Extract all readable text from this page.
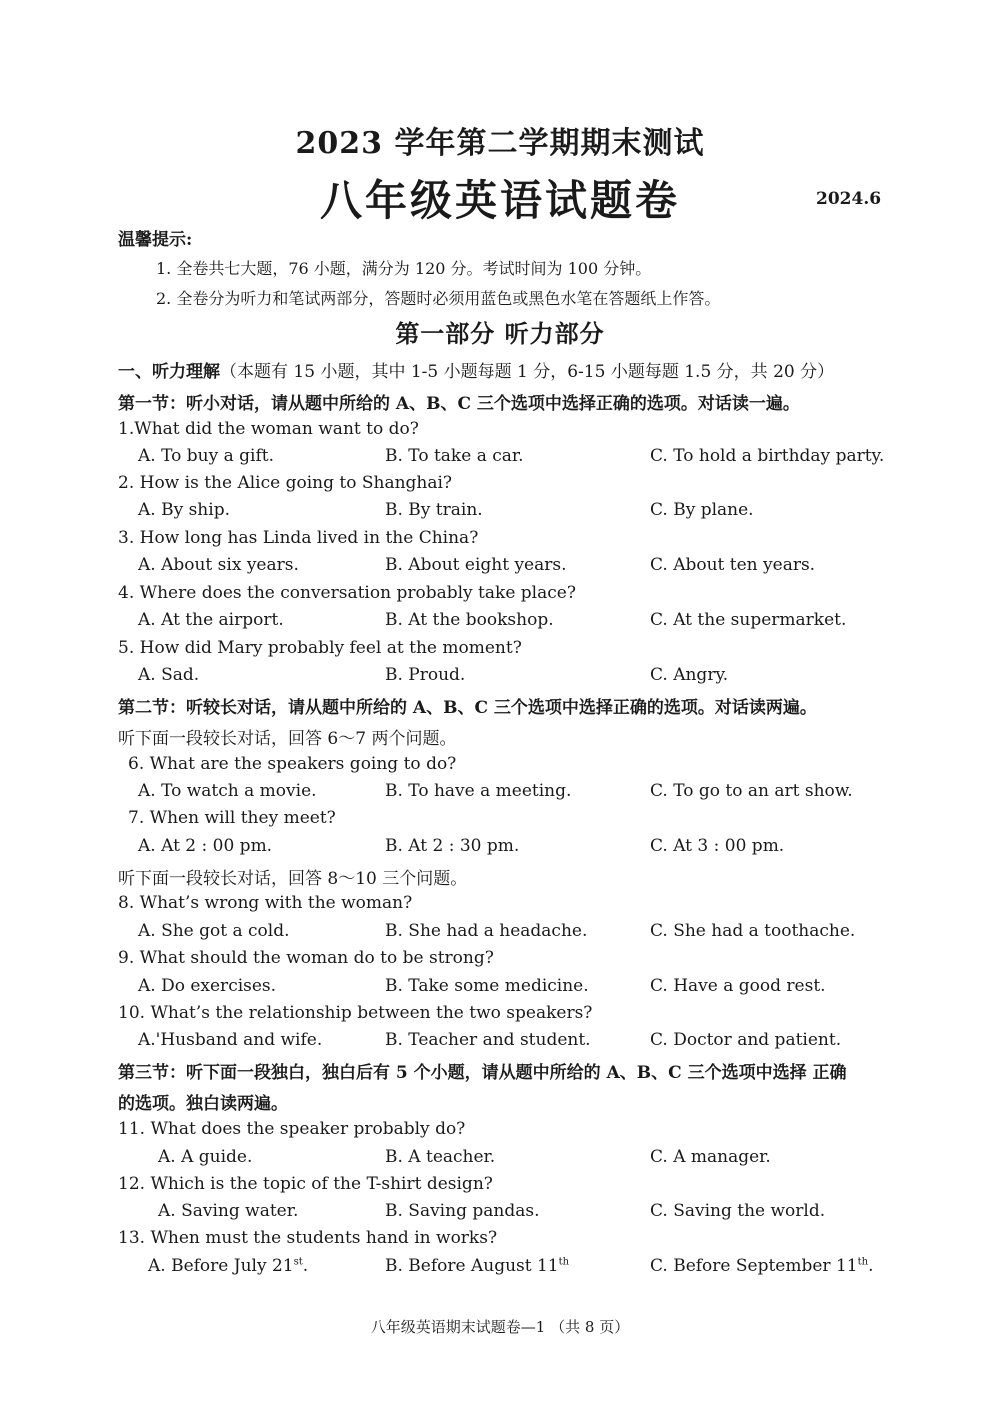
2023 学年第二学期期末测试
八年级英语试题卷	2024.6
温馨提示:
1. 全卷共七大题，76 小题，满分为 120 分。考试时间为 100 分钟。
2. 全卷分为听力和笔试两部分，答题时必须用蓝色或黑色水笔在答题纸上作答。
第一部分 听力部分
一、听力理解（本题有 15 小题，其中 1-5 小题每题 1 分，6-15 小题每题 1.5 分，共 20 分）
第一节：听小对话，请从题中所给的 A、B、C 三个选项中选择正确的选项。对话读一遍。
1.What did the woman want to do?
A. To buy a gift.	B. To take a car.	C. To hold a birthday party.
2. How is the Alice going to Shanghai?
A. By ship.	B. By train.	C. By plane.
3. How long has Linda lived in the China?
A. About six years.	B. About eight years.	C. About ten years.
4. Where does the conversation probably take place?
A. At the airport.	B. At the bookshop.	C. At the supermarket.
5. How did Mary probably feel at the moment?
A. Sad.	B. Proud.	C. Angry.
第二节：听较长对话，请从题中所给的 A、B、C 三个选项中选择正确的选项。对话读两遍。
听下面一段较长对话，回答 6～7 两个问题。
6. What are the speakers going to do?
A. To watch a movie.	B. To have a meeting.	C. To go to an art show.
7. When will they meet?
A. At 2 : 00 pm.	B. At 2 : 30 pm.	C. At 3 : 00 pm.
听下面一段较长对话，回答 8～10 三个问题。
8. What’s wrong with the woman?
A. She got a cold.	B. She had a headache.	C. She had a toothache.
9. What should the woman do to be strong?
A. Do exercises.	B. Take some medicine.	C. Have a good rest.
10. What’s the relationship between the two speakers?
A.'Husband and wife.	B. Teacher and student.	C. Doctor and patient.
第三节：听下面一段独白，独白后有 5 个小题，请从题中所给的 A、B、C 三个选项中选择 正确
的选项。独白读两遍。
11. What does the speaker probably do?
A. A guide.	B. A teacher.	C. A manager.
12. Which is the topic of the T-shirt design?
A. Saving water.	B. Saving pandas.	C. Saving the world.
13. When must the students hand in works?
A. Before July 21st.	B. Before August 11th	C. Before September 11th.
八年级英语期末试题卷—1 （共 8 页）
